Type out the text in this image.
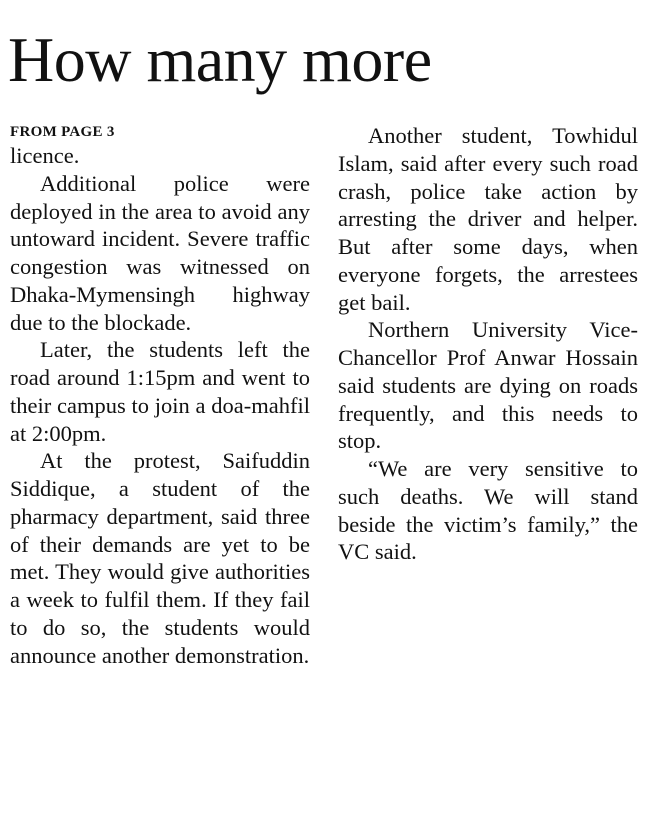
How many more
FROM PAGE 3

licence.

Additional police were deployed in the area to avoid any untoward incident. Severe traffic congestion was witnessed on Dhaka-Mymensingh highway due to the blockade.

Later, the students left the road around 1:15pm and went to their campus to join a doa-mahfil at 2:00pm.

At the protest, Saifuddin Siddique, a student of the pharmacy department, said three of their demands are yet to be met. They would give authorities a week to fulfil them. If they fail to do so, the students would announce another demonstration.

Another student, Towhidul Islam, said after every such road crash, police take action by arresting the driver and helper. But after some days, when everyone forgets, the arrestees get bail.

Northern University Vice-Chancellor Prof Anwar Hossain said students are dying on roads frequently, and this needs to stop.

“We are very sensitive to such deaths. We will stand beside the victim’s family,” the VC said.
